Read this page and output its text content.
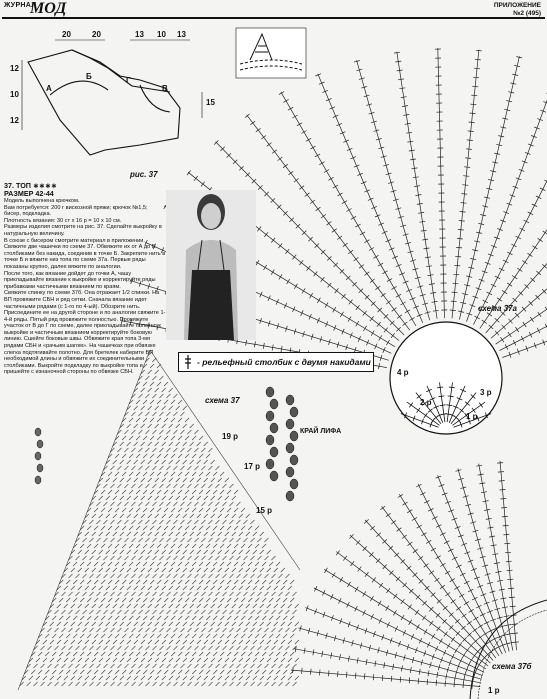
ЖУРНАЛ
МОД	ПРИЛОЖЕНИЕ
№2 (495)
20	20	13 10 13
12
10
12
15
Б
А
Г
В
рис. 37
37. ТОП ∗∗∗∗
РАЗМЕР 42-44

Модель выполнена крючком.

Вам потребуется: 200 г вискозной пряжи; крючок №1,5; бисер, подкладка.

Плотность вязания: 30 ст х 16 р = 10 х 10 см.

Размеры изделия смотрите на рис. 37. Сделайте выкройку в натуральную величину.

В союзе с бисером смотрите материал в приложении.

Свяжите две чашечки по схеме 37. Обвяжите их от А до Б столбиками без накида, соединив в точке Б. Закрепите нить в точке Б и вяжите низ топа по схеме 37а. Первые ряды показаны крупно, далее вяжите по аналогии.

После того, как вязание дойдет до точки А, чашу прикладывайте вязание к выкройке и корректируйте ряды прибавками частичными вязанием по краям.

Свяжите спинку по схеме 37б. Она отражает 1/2 спинки. На ВП провяжите СБН и ряд сетки. Сначала вязание идет частичными рядами (с 1-го по 4-ый). Обозрите нить. Присоедините ее на другой стороне и по аналогии свяжите 1-4-й ряды. Пятый ряд провяжите полностью. Провяжите участок от В до Г по схеме, далее прикладывайте полотно к выкройке и частичным вязанием корректируйте боковую линию. Сшейте боковые швы. Обвяжите края топа 3-мя рядами СБН и «рачьим шагом». На чашечках при обвязке слегка подтягивайте полотно. Для бретелек наберите ВП необходимой длины и обвяжите их соединительными столбиками. Выкройте подкладку по выкройке топа и пришейте с изнаночной стороны по обвязке СБН.

- рельефный столбик с двумя накидами
схема 37а
схема 37
схема 37б
КРАЙ ЛИФА
4 р
3 р
2 р
1 р
19 р
17 р
15 р
1 р
